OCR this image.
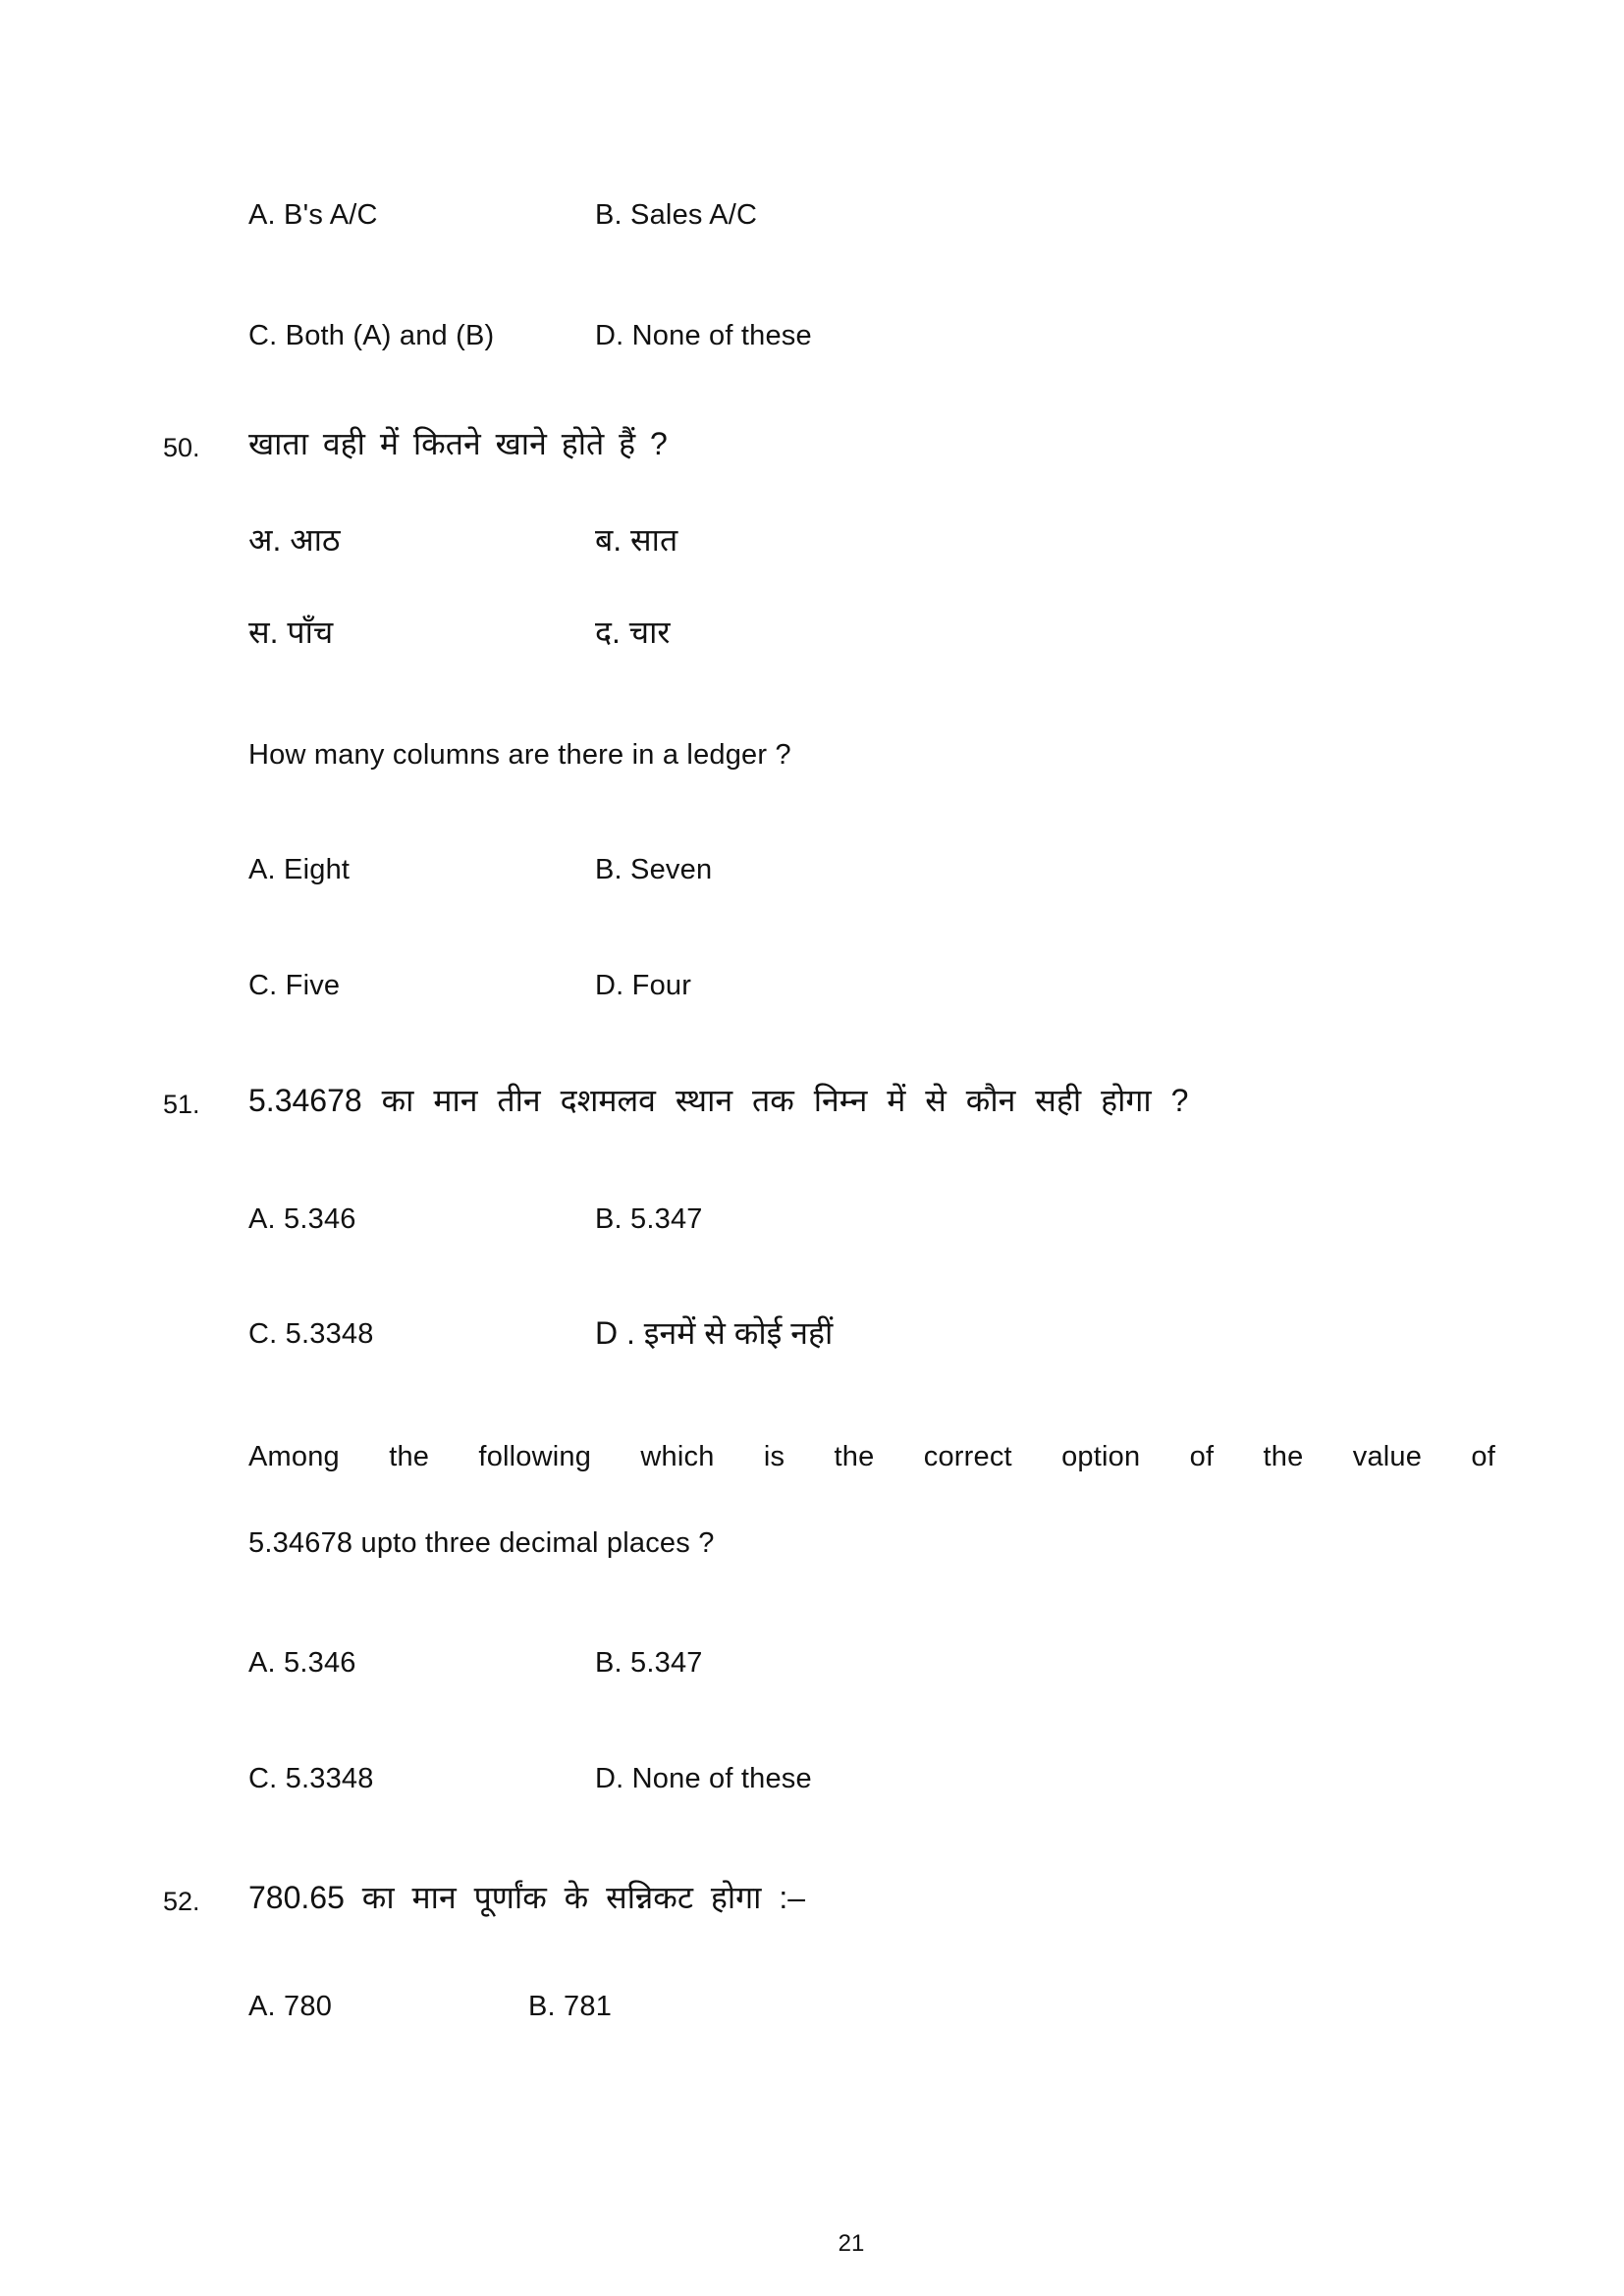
A. B's A/C	B. Sales A/C
C. Both (A) and (B)	D. None of these
50. खाता वही में कितने खाने होते हैं ?
अ. आठ	ब. सात
स. पाँच	द. चार
How many columns are there in a ledger ?
A. Eight	B. Seven
C. Five	D. Four
51. 5.34678 का मान तीन दशमलव स्थान तक निम्न में से कौन सही होगा ?
A. 5.346	B. 5.347
C. 5.3348	D . इनमें से कोई नहीं
Among the following which is the correct option of the value of
5.34678 upto three decimal places ?
A. 5.346	B. 5.347
C. 5.3348	D. None of these
52. 780.65 का मान पूर्णांक के सन्निकट होगा :–
A. 780	B. 781
21
